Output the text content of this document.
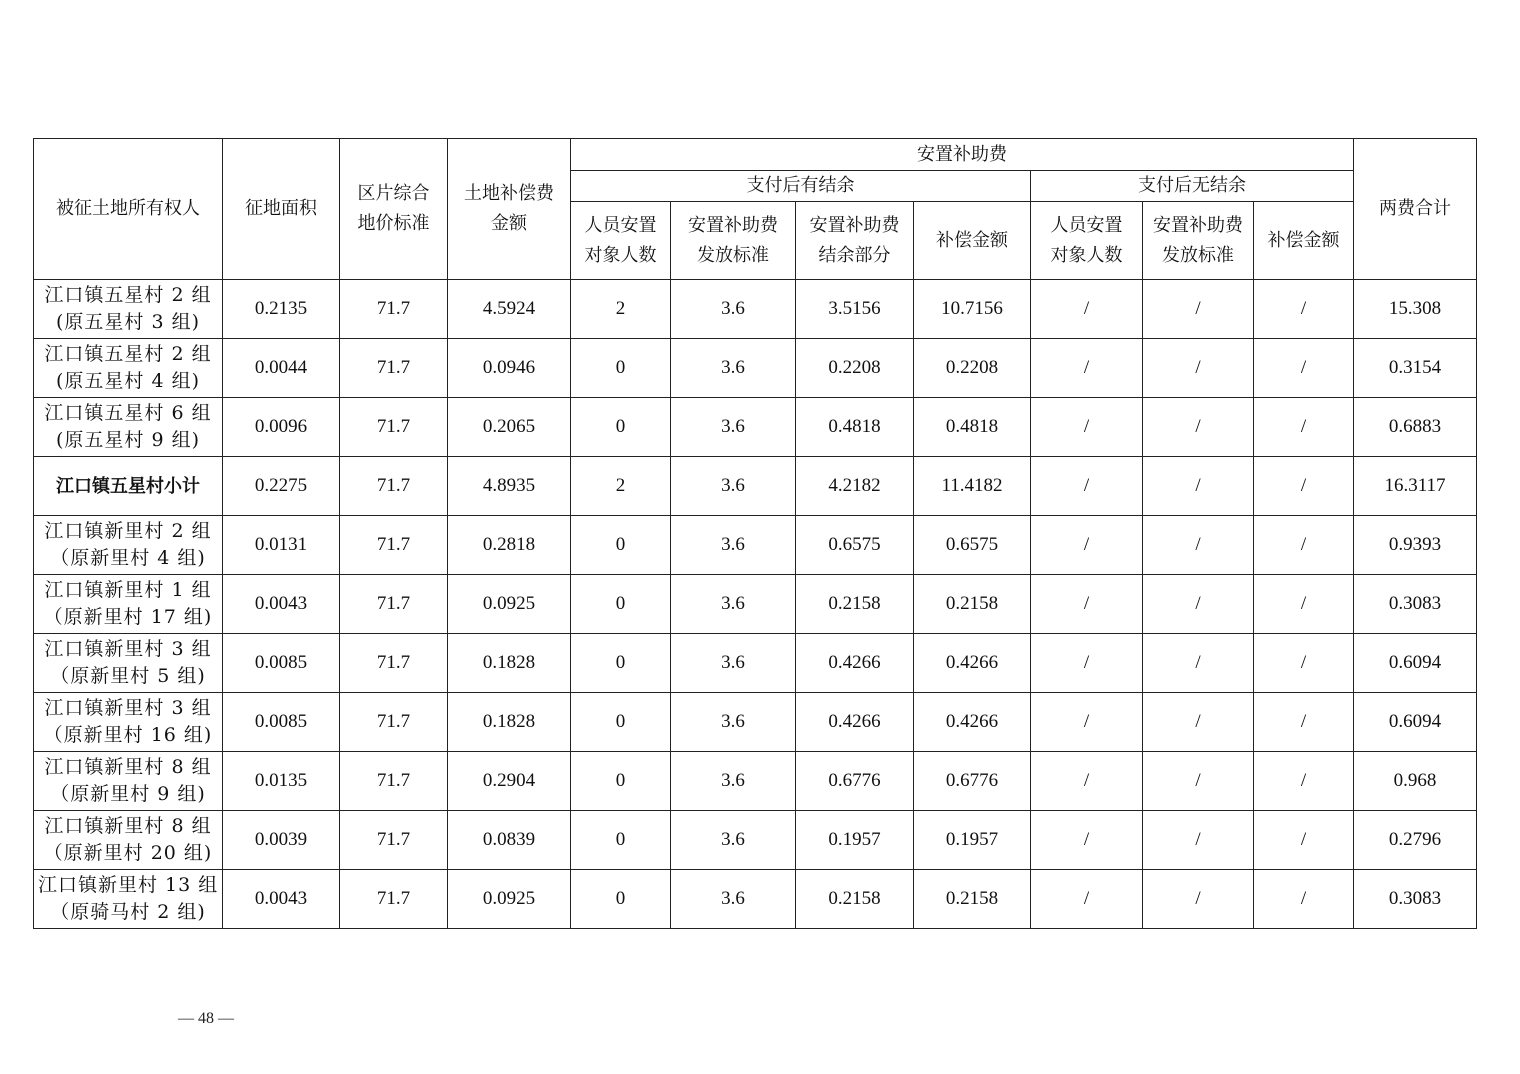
被征土地所有权人	征地面积	区片综合地价标准	土地补偿费金额	安置补助费							两费合计
				支付后有结余				支付后无结余			
				人员安置对象人数	安置补助费发放标准	安置补助费结余部分	补偿金额	人员安置对象人数	安置补助费发放标准	补偿金额	

江口镇五星村 2 组
(原五星村 3 组)	0.2135	71.7	4.5924	2	3.6	3.5156	10.7156	/	/	/	15.308

江口镇五星村 2 组
(原五星村 4 组)	0.0044	71.7	0.0946	0	3.6	0.2208	0.2208	/	/	/	0.3154

江口镇五星村 6 组
(原五星村 9 组)	0.0096	71.7	0.2065	0	3.6	0.4818	0.4818	/	/	/	0.6883

江口镇五星村小计	0.2275	71.7	4.8935	2	3.6	4.2182	11.4182	/	/	/	16.3117

江口镇新里村 2 组
（原新里村 4 组)	0.0131	71.7	0.2818	0	3.6	0.6575	0.6575	/	/	/	0.9393

江口镇新里村 1 组
（原新里村 17 组)	0.0043	71.7	0.0925	0	3.6	0.2158	0.2158	/	/	/	0.3083

江口镇新里村 3 组
（原新里村 5 组)	0.0085	71.7	0.1828	0	3.6	0.4266	0.4266	/	/	/	0.6094

江口镇新里村 3 组
（原新里村 16 组)	0.0085	71.7	0.1828	0	3.6	0.4266	0.4266	/	/	/	0.6094

江口镇新里村 8 组
（原新里村 9 组)	0.0135	71.7	0.2904	0	3.6	0.6776	0.6776	/	/	/	0.968

江口镇新里村 8 组
（原新里村 20 组)	0.0039	71.7	0.0839	0	3.6	0.1957	0.1957	/	/	/	0.2796

江口镇新里村 13 组
（原骑马村 2 组)	0.0043	71.7	0.0925	0	3.6	0.2158	0.2158	/	/	/	0.3083
— 48 —
